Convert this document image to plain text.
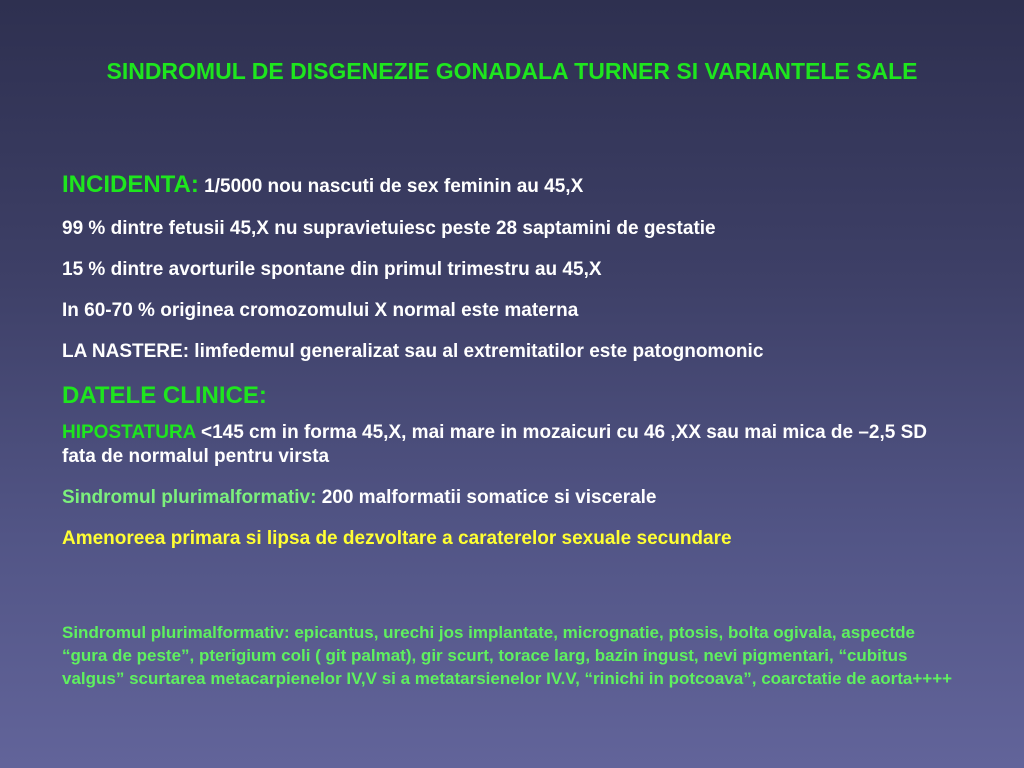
SINDROMUL DE DISGENEZIE GONADALA TURNER SI VARIANTELE SALE

INCIDENTA: 1/5000 nou nascuti de sex feminin au 45,X

99 % dintre fetusii 45,X nu supravietuiesc peste 28 saptamini de gestatie

15 % dintre avorturile spontane din primul trimestru au 45,X

In 60-70 % originea cromozomului X normal este materna

LA NASTERE: limfedemul generalizat sau al extremitatilor este patognomonic

DATELE CLINICE:

HIPOSTATURA <145 cm in forma 45,X, mai mare in mozaicuri cu 46 ,XX sau mai mica de –2,5 SD fata de normalul pentru virsta

Sindromul plurimalformativ: 200 malformatii somatice si viscerale

Amenoreea primara si lipsa de dezvoltare a caraterelor sexuale secundare

Sindromul plurimalformativ: epicantus, urechi jos implantate, micrognatie, ptosis, bolta ogivala, aspectde “gura de peste”, pterigium coli ( git palmat), gir scurt, torace larg, bazin ingust, nevi pigmentari, “cubitus valgus” scurtarea metacarpienelor IV,V si a metatarsienelor IV.V, “rinichi in potcoava”, coarctatie de aorta++++
